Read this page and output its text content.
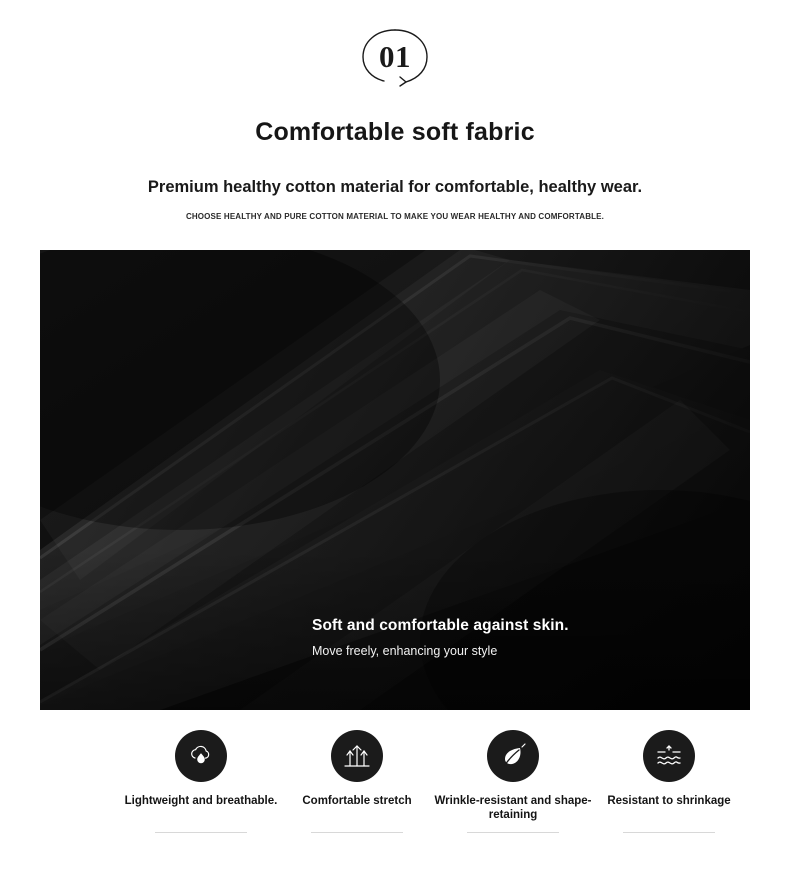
01
Comfortable soft fabric
Premium healthy cotton material for comfortable, healthy wear.
CHOOSE HEALTHY AND PURE COTTON MATERIAL TO MAKE YOU WEAR HEALTHY AND COMFORTABLE.
Soft and comfortable against skin.
Move freely, enhancing your style
Lightweight and breathable. Comfortable stretch	Wrinkle-resistant and shape-retaining
Resistant to shrinkage
